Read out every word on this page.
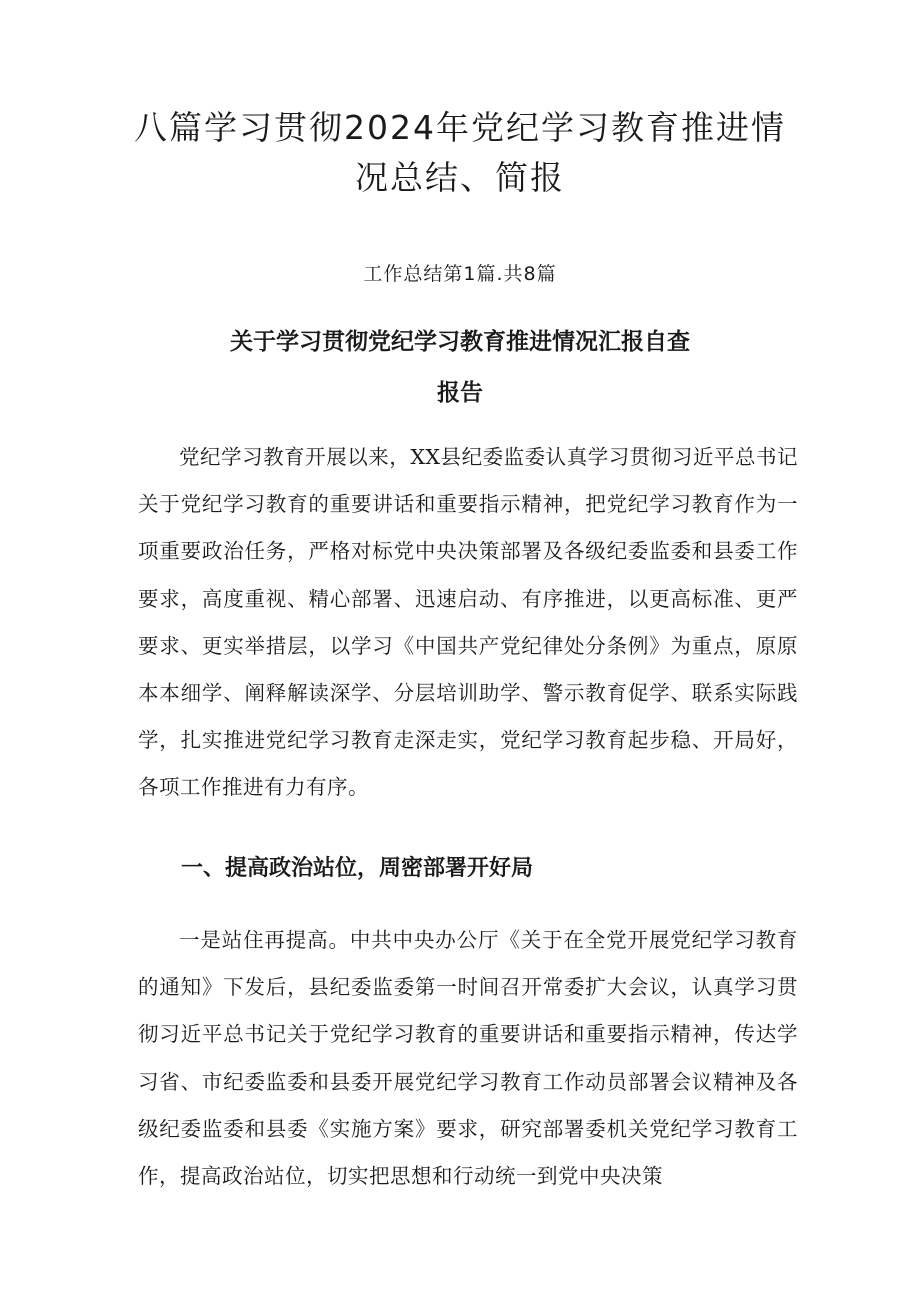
八篇学习贯彻2024年党纪学习教育推进情
况总结、简报
工作总结第1篇.共8篇
关于学习贯彻党纪学习教育推进情况汇报自查
报告

党纪学习教育开展以来，XX县纪委监委认真学习贯彻习近平总书记关于党纪学习教育的重要讲话和重要指示精神，把党纪学习教育作为一项重要政治任务，严格对标党中央决策部署及各级纪委监委和县委工作要求，高度重视、精心部署、迅速启动、有序推进，以更高标准、更严要求、更实举措层，以学习《中国共产党纪律处分条例》为重点，原原本本细学、阐释解读深学、分层培训助学、警示教育促学、联系实际践学，扎实推进党纪学习教育走深走实，党纪学习教育起步稳、开局好，各项工作推进有力有序。

一、提高政治站位，周密部署开好局

一是站住再提高。中共中央办公厅《关于在全党开展党纪学习教育的通知》下发后，县纪委监委第一时间召开常委扩大会议，认真学习贯彻习近平总书记关于党纪学习教育的重要讲话和重要指示精神，传达学习省、市纪委监委和县委开展党纪学习教育工作动员部署会议精神及各级纪委监委和县委《实施方案》要求，研究部署委机关党纪学习教育工作，提高政治站位，切实把思想和行动统一到党中央决策
